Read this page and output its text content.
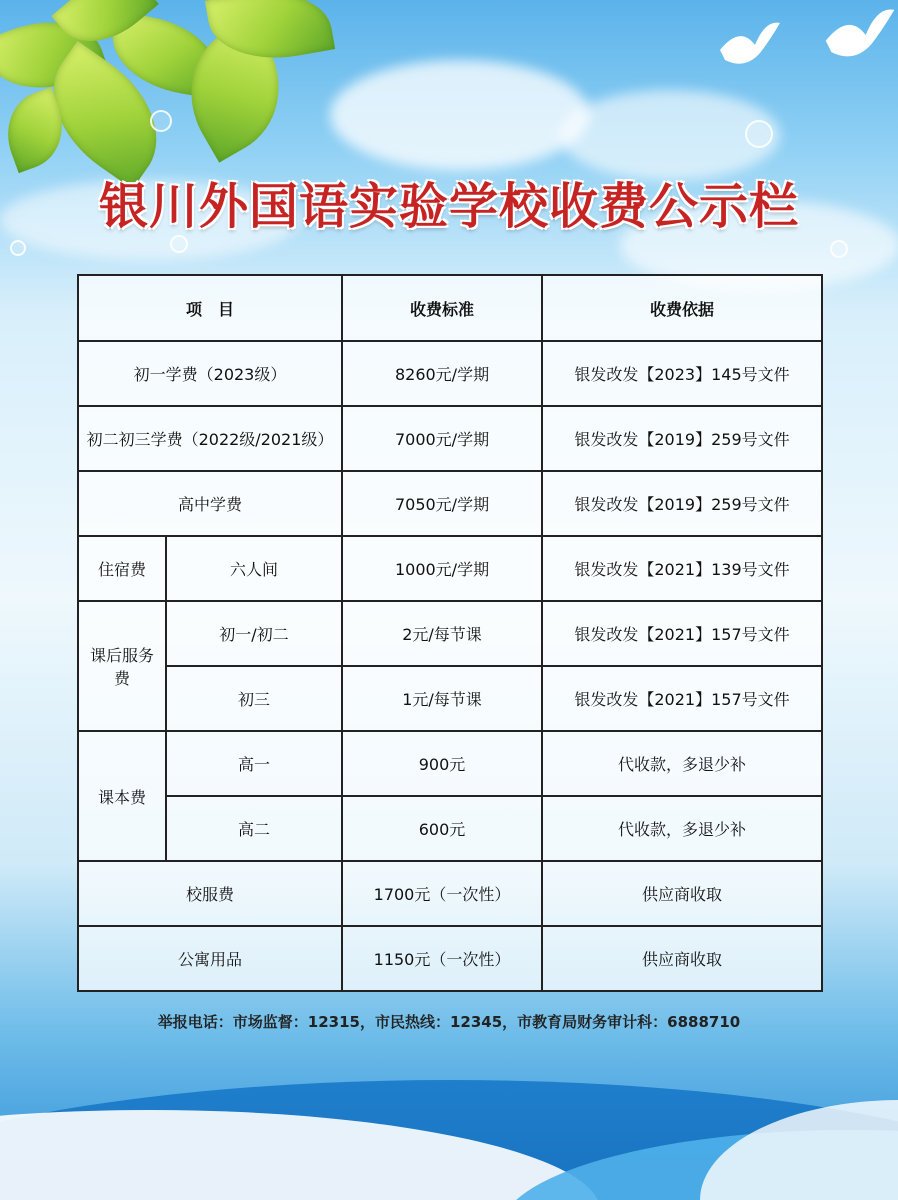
银川外国语实验学校收费公示栏
项　目		收费标准	收费依据
初一学费（2023级）		8260元/学期	银发改发【2023】145号文件
初二初三学费（2022级/2021级）		7000元/学期	银发改发【2019】259号文件
高中学费		7050元/学期	银发改发【2019】259号文件
住宿费	六人间	1000元/学期	银发改发【2021】139号文件
课后服务费	初一/初二	2元/每节课	银发改发【2021】157号文件
	初三	1元/每节课	银发改发【2021】157号文件
课本费	高一	900元	代收款，多退少补
	高二	600元	代收款，多退少补
校服费		1700元（一次性）	供应商收取
公寓用品		1150元（一次性）	供应商收取
举报电话：市场监督：12315，市民热线：12345，市教育局财务审计科：6888710
